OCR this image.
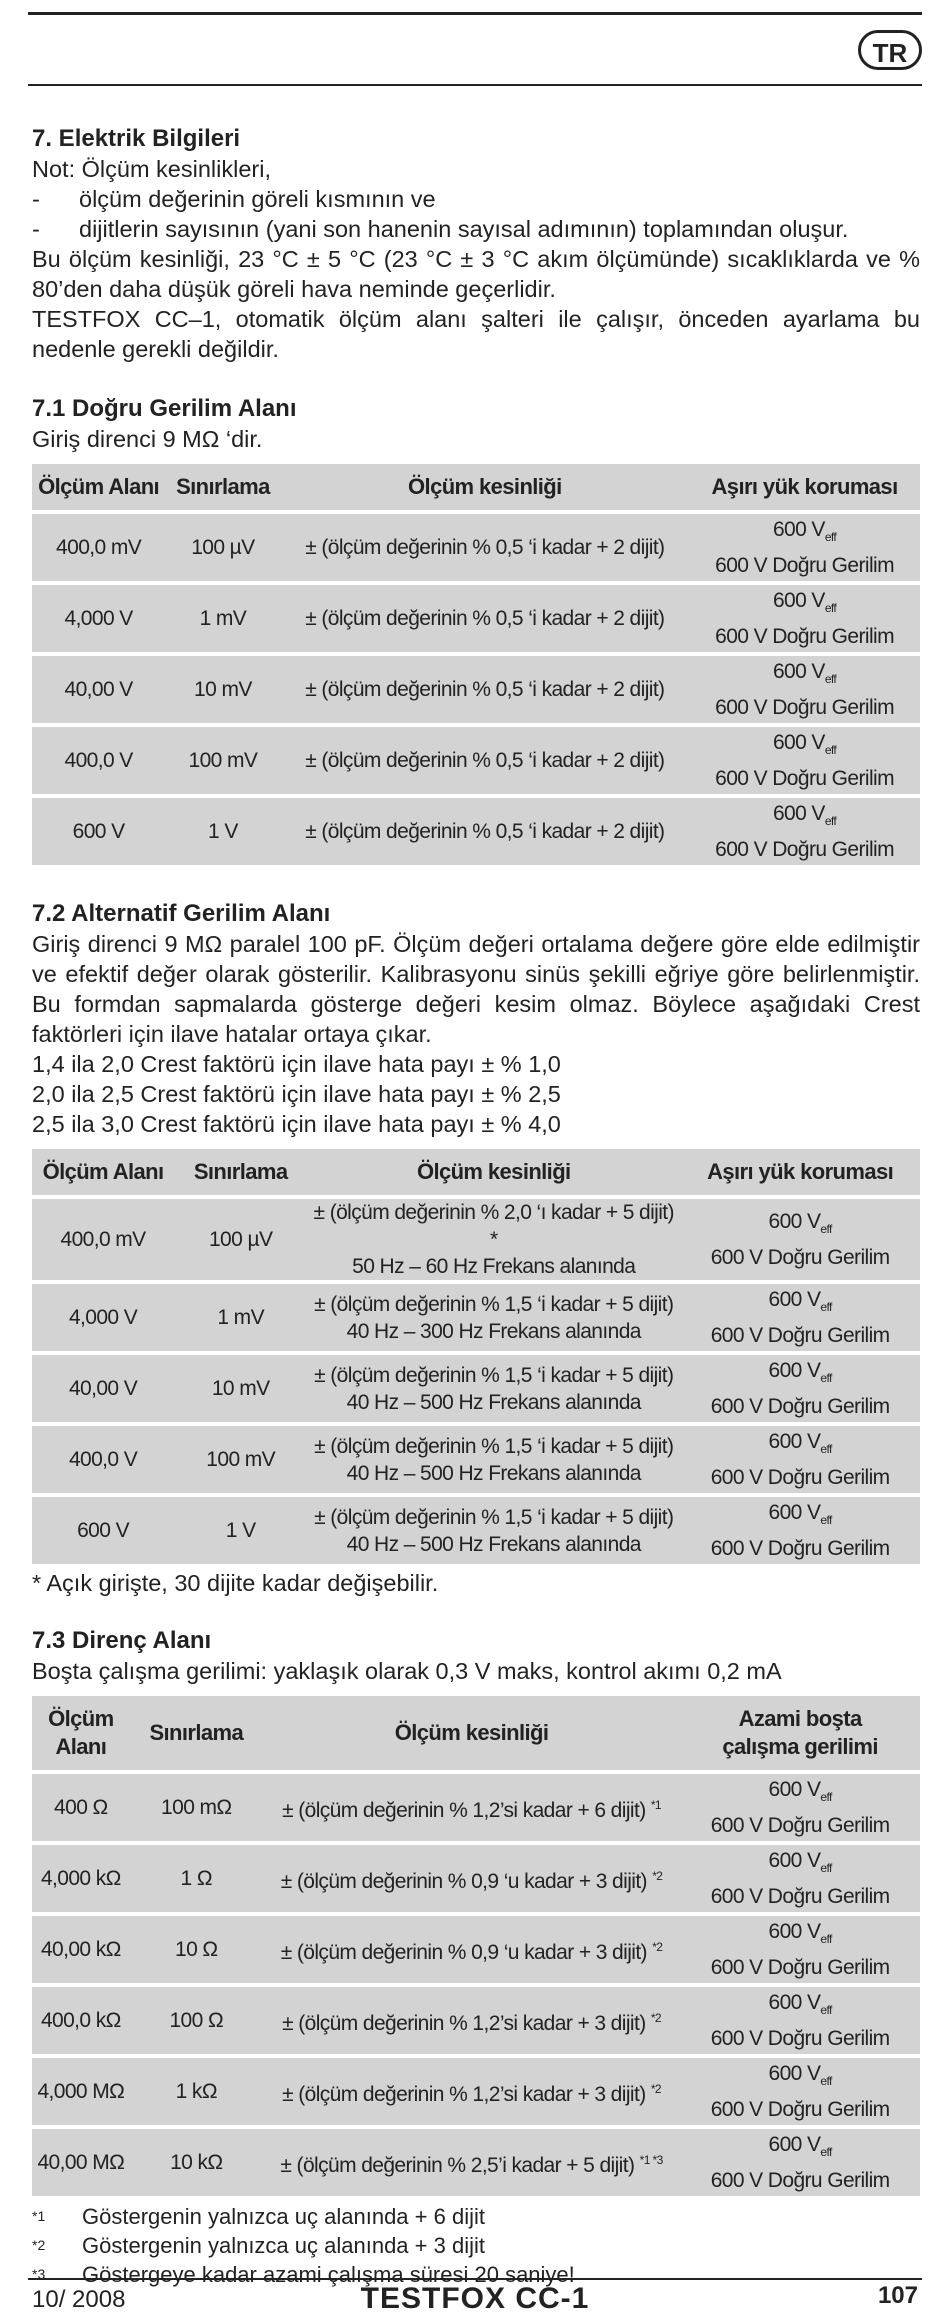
TR
7. Elektrik Bilgileri

Not: Ölçüm kesinlikleri,

-      ölçüm değerinin göreli kısmının ve

-      dijitlerin sayısının (yani son hanenin sayısal adımının) toplamından oluşur.

Bu ölçüm kesinliği, 23 °C ± 5 °C (23 °C ± 3 °C akım ölçümünde) sıcaklıklarda ve % 80’den daha düşük göreli hava neminde geçerlidir.

TESTFOX CC–1, otomatik ölçüm alanı şalteri ile çalışır, önceden ayarlama bu nedenle gerekli değildir.

7.1 Doğru Gerilim Alanı

Giriş direnci 9 MΩ ‘dir.

Ölçüm Alanı	Sınırlama	Ölçüm kesinliği	Aşırı yük koruması
400,0 mV	100 µV	± (ölçüm değerinin % 0,5 ‘i kadar + 2 dijit)	600 $V_{eff}$
600 V Doğru Gerilim
4,000 V	1 mV	± (ölçüm değerinin % 0,5 ‘i kadar + 2 dijit)	600 $V_{eff}$
600 V Doğru Gerilim
40,00 V	10 mV	± (ölçüm değerinin % 0,5 ‘i kadar + 2 dijit)	600 $V_{eff}$
600 V Doğru Gerilim
400,0 V	100 mV	± (ölçüm değerinin % 0,5 ‘i kadar + 2 dijit)	600 $V_{eff}$
600 V Doğru Gerilim
600 V	1 V	± (ölçüm değerinin % 0,5 ‘i kadar + 2 dijit)	600 $V_{eff}$
600 V Doğru Gerilim
7.2 Alternatif Gerilim Alanı

Giriş direnci 9 MΩ paralel 100 pF. Ölçüm değeri ortalama değere göre elde edilmiştir ve efektif değer olarak gösterilir. Kalibrasyonu sinüs şekilli eğriye göre belirlenmiştir. Bu formdan sapmalarda gösterge değeri kesim olmaz. Böylece aşağıdaki Crest faktörleri için ilave hatalar ortaya çıkar.

1,4 ila 2,0 Crest faktörü için ilave hata payı ± % 1,0

2,0 ila 2,5 Crest faktörü için ilave hata payı ± % 2,5

2,5 ila 3,0 Crest faktörü için ilave hata payı ± % 4,0

Ölçüm Alanı	Sınırlama	Ölçüm kesinliği	Aşırı yük koruması
400,0 mV	100 µV	± (ölçüm değerinin % 2,0 ‘ı kadar + 5 dijit) *
50 Hz – 60 Hz Frekans alanında	600 $V_{eff}$
600 V Doğru Gerilim
4,000 V	1 mV	± (ölçüm değerinin % 1,5 ‘i kadar + 5 dijit)
40 Hz – 300 Hz Frekans alanında	600 $V_{eff}$
600 V Doğru Gerilim
40,00 V	10 mV	± (ölçüm değerinin % 1,5 ‘i kadar + 5 dijit)
40 Hz – 500 Hz Frekans alanında	600 $V_{eff}$
600 V Doğru Gerilim
400,0 V	100 mV	± (ölçüm değerinin % 1,5 ‘i kadar + 5 dijit)
40 Hz – 500 Hz Frekans alanında	600 $V_{eff}$
600 V Doğru Gerilim
600 V	1 V	± (ölçüm değerinin % 1,5 ‘i kadar + 5 dijit)
40 Hz – 500 Hz Frekans alanında	600 $V_{eff}$
600 V Doğru Gerilim

* Açık girişte, 30 dijite kadar değişebilir.

7.3 Direnç Alanı

Boşta çalışma gerilimi: yaklaşık olarak 0,3 V maks, kontrol akımı 0,2 mA

Ölçüm
Alanı	Sınırlama	Ölçüm kesinliği	Azami boşta
çalışma gerilimi
400 Ω	100 mΩ	± (ölçüm değerinin % 1,2’si kadar + 6 dijit) $^{*1}$	600 $V_{eff}$
600 V Doğru Gerilim
4,000 kΩ	1 Ω	± (ölçüm değerinin % 0,9 ‘u kadar + 3 dijit) $^{*2}$	600 $V_{eff}$
600 V Doğru Gerilim
40,00 kΩ	10 Ω	± (ölçüm değerinin % 0,9 ‘u kadar + 3 dijit) $^{*2}$	600 $V_{eff}$
600 V Doğru Gerilim
400,0 kΩ	100 Ω	± (ölçüm değerinin % 1,2’si kadar + 3 dijit) $^{*2}$	600 $V_{eff}$
600 V Doğru Gerilim
4,000 MΩ	1 kΩ	± (ölçüm değerinin % 1,2’si kadar + 3 dijit) $^{*2}$	600 $V_{eff}$
600 V Doğru Gerilim
40,00 MΩ	10 kΩ	± (ölçüm değerinin % 2,5’i kadar + 5 dijit) $^{*1 *3}$	600 $V_{eff}$
600 V Doğru Gerilim
*1	Göstergenin yalnızca uç alanında + 6 dijit
*2	Göstergenin yalnızca uç alanında + 3 dijit
*3	Göstergeye kadar azami çalışma süresi 20 saniye!
10/ 2008	TESTFOX CC-1	107
